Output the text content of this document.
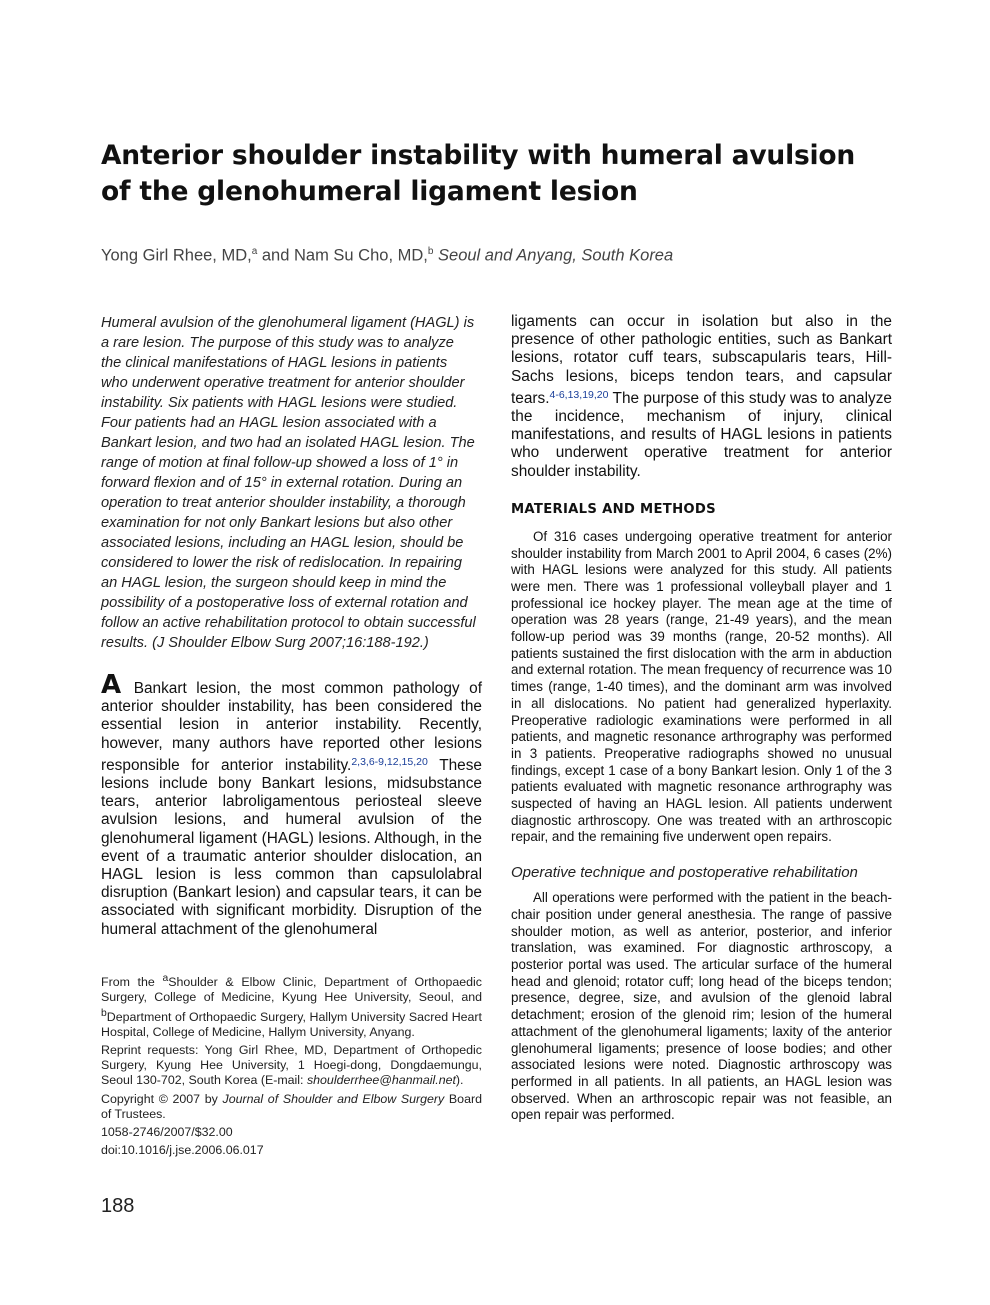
Anterior shoulder instability with humeral avulsion
of the glenohumeral ligament lesion
Yong Girl Rhee, MD,$^a$ and Nam Su Cho, MD,$^b$ Seoul and Anyang, South Korea

Humeral avulsion of the glenohumeral ligament (HAGL) is a rare lesion. The purpose of this study was to analyze the clinical manifestations of HAGL lesions in patients who underwent operative treatment for anterior shoulder instability. Six patients with HAGL lesions were studied. Four patients had an HAGL lesion associated with a Bankart lesion, and two had an isolated HAGL lesion. The range of motion at final follow-up showed a loss of 1° in forward flexion and of 15° in external rotation. During an operation to treat anterior shoulder instability, a thorough examination for not only Bankart lesions but also other associated lesions, including an HAGL lesion, should be considered to lower the risk of redislocation. In repairing an HAGL lesion, the surgeon should keep in mind the possibility of a postoperative loss of external rotation and follow an active rehabilitation protocol to obtain successful results. (J Shoulder Elbow Surg 2007;16:188-192.)

A Bankart lesion, the most common pathology of anterior shoulder instability, has been considered the essential lesion in anterior instability. Recently, however, many authors have reported other lesions responsible for anterior instability.$^{2,3,6-9,12,15,20}$ These lesions include bony Bankart lesions, midsubstance tears, anterior labroligamentous periosteal sleeve avulsion lesions, and humeral avulsion of the glenohumeral ligament (HAGL) lesions. Although, in the event of a traumatic anterior shoulder dislocation, an HAGL lesion is less common than capsulolabral disruption (Bankart lesion) and capsular tears, it can be associated with significant morbidity. Disruption of the humeral attachment of the glenohumeral

ligaments can occur in isolation but also in the presence of other pathologic entities, such as Bankart lesions, rotator cuff tears, subscapularis tears, Hill-Sachs lesions, biceps tendon tears, and capsular tears.$^{4-6,13,19,20}$ The purpose of this study was to analyze the incidence, mechanism of injury, clinical manifestations, and results of HAGL lesions in patients who underwent operative treatment for anterior shoulder instability.

MATERIALS AND METHODS

Of 316 cases undergoing operative treatment for anterior shoulder instability from March 2001 to April 2004, 6 cases (2%) with HAGL lesions were analyzed for this study. All patients were men. There was 1 professional volleyball player and 1 professional ice hockey player. The mean age at the time of operation was 28 years (range, 21-49 years), and the mean follow-up period was 39 months (range, 20-52 months). All patients sustained the first dislocation with the arm in abduction and external rotation. The mean frequency of recurrence was 10 times (range, 1-40 times), and the dominant arm was involved in all dislocations. No patient had generalized hyperlaxity. Preoperative radiologic examinations were performed in all patients, and magnetic resonance arthrography was performed in 3 patients. Preoperative radiographs showed no unusual findings, except 1 case of a bony Bankart lesion. Only 1 of the 3 patients evaluated with magnetic resonance arthrography was suspected of having an HAGL lesion. All patients underwent diagnostic arthroscopy. One was treated with an arthroscopic repair, and the remaining five underwent open repairs.

Operative technique and postoperative rehabilitation

All operations were performed with the patient in the beach-chair position under general anesthesia. The range of passive shoulder motion, as well as anterior, posterior, and inferior translation, was examined. For diagnostic arthroscopy, a posterior portal was used. The articular surface of the humeral head and glenoid; rotator cuff; long head of the biceps tendon; presence, degree, size, and avulsion of the glenoid labral detachment; erosion of the glenoid rim; lesion of the humeral attachment of the glenohumeral ligaments; laxity of the anterior glenohumeral ligaments; presence of loose bodies; and other associated lesions were noted. Diagnostic arthroscopy was performed in all patients. In all patients, an HAGL lesion was observed. When an arthroscopic repair was not feasible, an open repair was performed.

From the $^a$Shoulder & Elbow Clinic, Department of Orthopaedic Surgery, College of Medicine, Kyung Hee University, Seoul, and $^b$Department of Orthopaedic Surgery, Hallym University Sacred Heart Hospital, College of Medicine, Hallym University, Anyang.

Reprint requests: Yong Girl Rhee, MD, Department of Orthopedic Surgery, Kyung Hee University, 1 Hoegi-dong, Dongdaemungu, Seoul 130-702, South Korea (E-mail: shoulderrhee@hanmail.net).

Copyright © 2007 by Journal of Shoulder and Elbow Surgery Board of Trustees.

1058-2746/2007/$32.00

doi:10.1016/j.jse.2006.06.017

188
